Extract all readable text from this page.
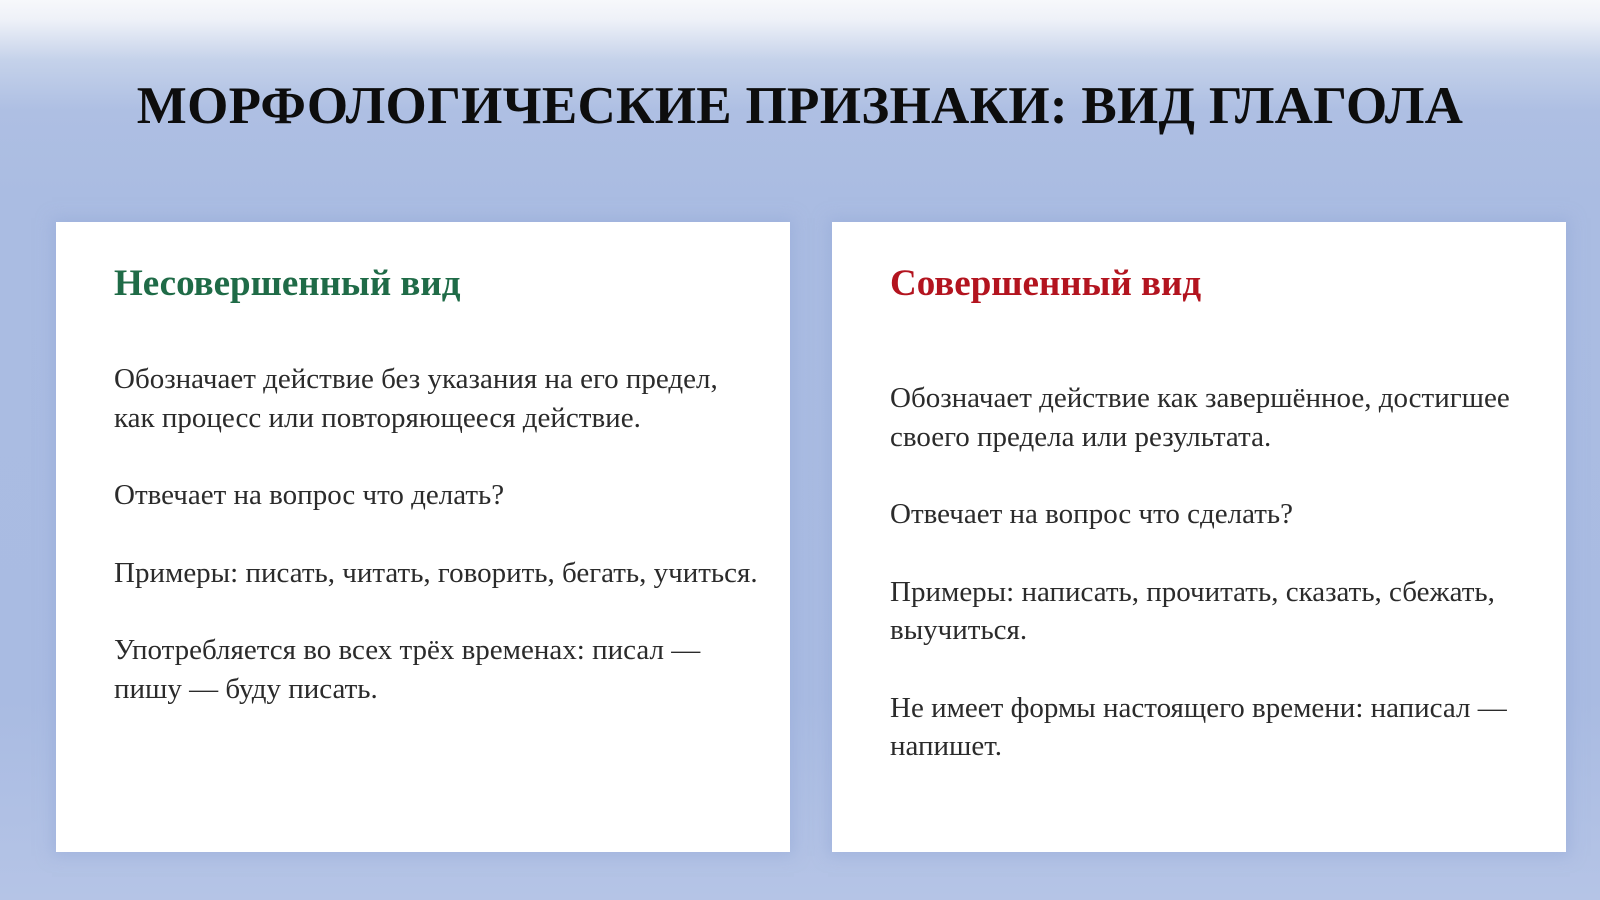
МОРФОЛОГИЧЕСКИЕ ПРИЗНАКИ: ВИД ГЛАГОЛА
Несовершенный вид

Обозначает действие без указания на его предел, как процесс или повторяющееся действие.

Отвечает на вопрос что делать?

Примеры: писать, читать, говорить, бегать, учиться.

Употребляется во всех трёх временах: писал — пишу — буду писать.

Совершенный вид

Обозначает действие как завершённое, достигшее своего предела или результата.

Отвечает на вопрос что сделать?

Примеры: написать, прочитать, сказать, сбежать, выучиться.

Не имеет формы настоящего времени: написал — напишет.
